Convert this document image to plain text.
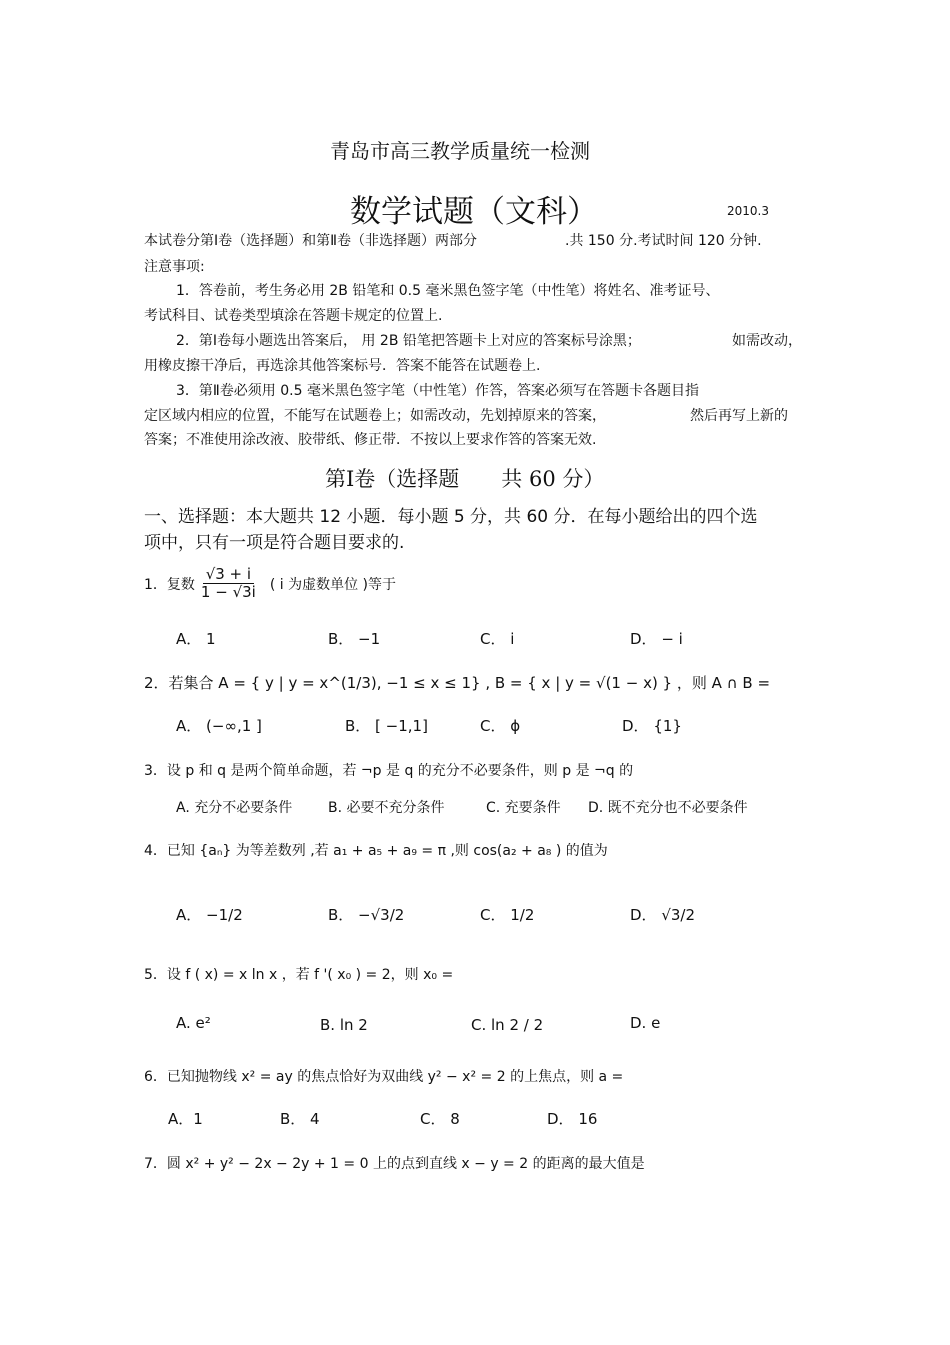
青岛市高三教学质量统一检测
数学试题（文科）	2010.3
本试卷分第Ⅰ卷（选择题）和第Ⅱ卷（非选择题）两部分	.共 150 分.考试时间 120 分钟.
注意事项:
1．答卷前，考生务必用 2B 铅笔和 0.5 毫米黑色签字笔（中性笔）将姓名、准考证号、
考试科目、试卷类型填涂在答题卡规定的位置上.
2．第Ⅰ卷每小题选出答案后， 用 2B 铅笔把答题卡上对应的答案标号涂黑；	如需改动，
用橡皮擦干净后，再选涂其他答案标号．答案不能答在试题卷上.
3．第Ⅱ卷必须用 0.5 毫米黑色签字笔（中性笔）作答，答案必须写在答题卡各题目指
定区域内相应的位置，不能写在试题卷上；如需改动，先划掉原来的答案，	然后再写上新的
答案；不准使用涂改液、胶带纸、修正带．不按以上要求作答的答案无效.
第Ⅰ卷（选择题　　共 60 分）
一、选择题：本大题共 12 小题．每小题 5 分，共 60 分．在每小题给出的四个选
项中，只有一项是符合题目要求的.
1．复数 $\frac{√3 + i}{1 - √3i}$ ( i 为虚数单位 )等于
A． 1	B． −1	C． i	D． − i
2．若集合 A = { y | y = x^(1/3), −1 ≤ x ≤ 1} , B = { x | y = √(1 − x) } ，则 A ∩ B =
A． (−∞,1 ]	B． [ −1,1]	C． ϕ	D． {1}
3．设 p 和 q 是两个简单命题，若 ¬p 是 q 的充分不必要条件，则 p 是 ¬q 的
A. 充分不必要条件	B. 必要不充分条件	C. 充要条件 D. 既不充分也不必要条件
4．已知 {aₙ} 为等差数列 ,若 a₁ + a₅ + a₉ = π ,则 cos(a₂ + a₈ ) 的值为
A． −1/2	B． −√3/2	C． 1/2	D． √3/2
5．设 f ( x) = x ln x ，若 f '( x₀ ) = 2，则 x₀ =
A. e²	B. ln 2	C. ln 2 / 2	D. e
6．已知抛物线 x² = ay 的焦点恰好为双曲线 y² − x² = 2 的上焦点，则 a =
A．1	B． 4	C． 8	D． 16
7．圆 x² + y² − 2x − 2y + 1 = 0 上的点到直线 x − y = 2 的距离的最大值是
